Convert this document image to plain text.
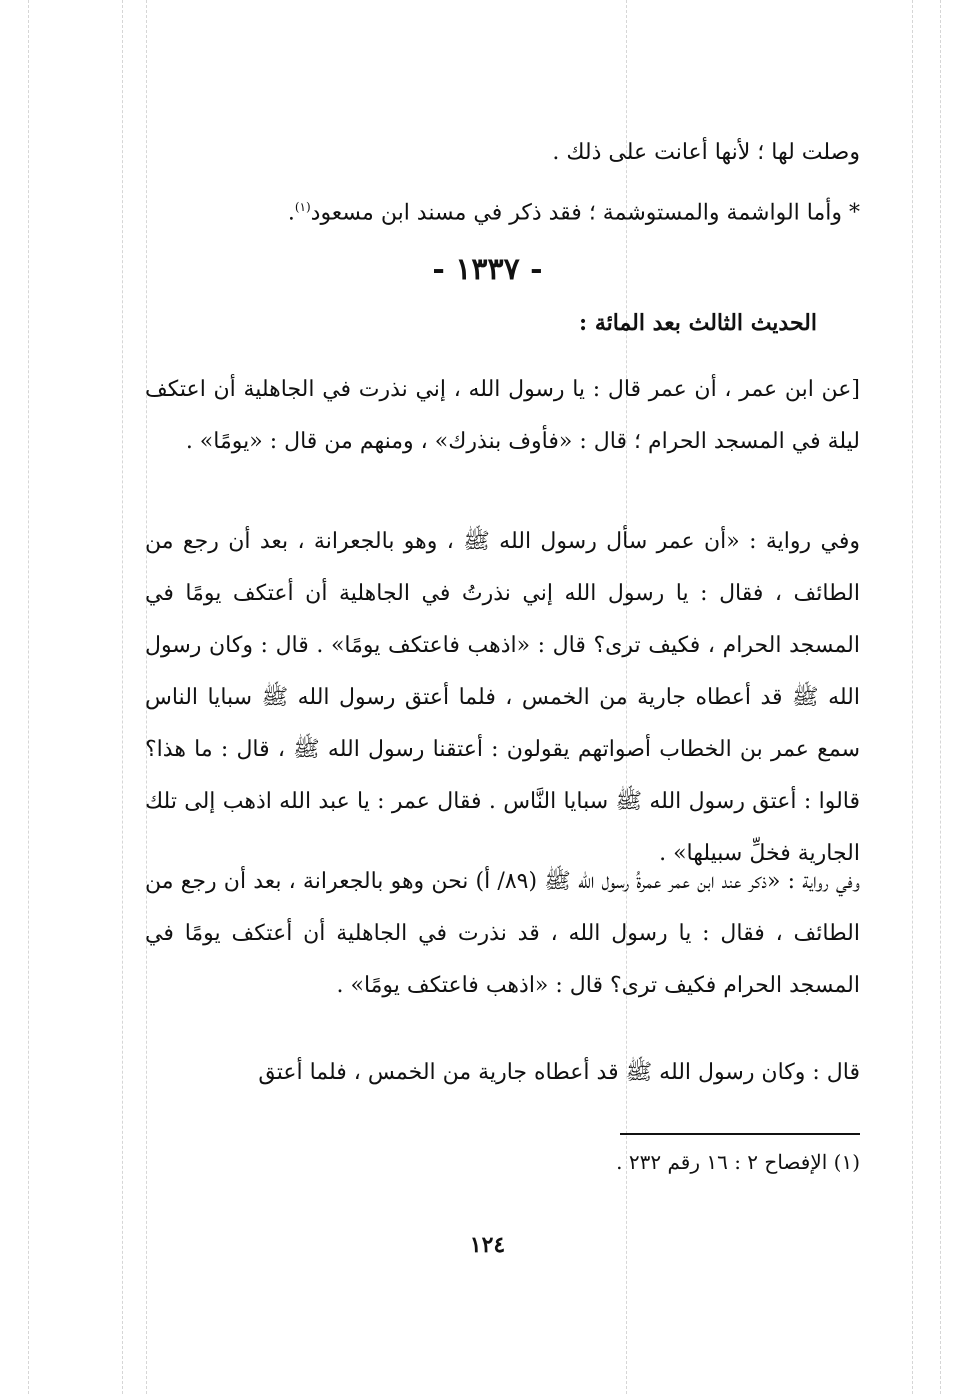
وصلت لها ؛ لأنها أعانت على ذلك .
* وأما الواشمة والمستوشمة ؛ فقد ذكر في مسند ابن مسعود$^{(١)}$.
- ١٣٣٧ -
الحديث الثالث بعد المائة :
[عن ابن عمر ، أن عمر قال : يا رسول الله ، إني نذرت في الجاهلية أن اعتكف ليلة في المسجد الحرام ؛ قال : «فأوف بنذرك» ، ومنهم من قال : «يومًا» .
وفي رواية : «أن عمر سأل رسول الله ﷺ ، وهو بالجعرانة ، بعد أن رجع من الطائف ، فقال : يا رسول الله إني نذرتُ في الجاهلية أن أعتكف يومًا في المسجد الحرام ، فكيف ترى؟ قال : «اذهب فاعتكف يومًا» . قال : وكان رسول الله ﷺ قد أعطاه جارية من الخمس ، فلما أعتق رسول الله ﷺ سبايا الناس سمع عمر بن الخطاب أصواتهم يقولون : أعتقنا رسول الله ﷺ ، قال : ما هذا؟ قالوا : أعتق رسول الله ﷺ سبايا النَّاس . فقال عمر : يا عبد الله اذهب إلى تلك الجارية فخلِّ سبيلها» .
وفي رواية : «ذكر عند ابن عمر عمرةُ رسول الله ﷺ (٨٩/ أ) نحن وهو بالجعرانة ، بعد أن رجع من الطائف ، فقال : يا رسول الله ، قد نذرت في الجاهلية أن أعتكف يومًا في المسجد الحرام فكيف ترى؟ قال : «اذهب فاعتكف يومًا» .
قال : وكان رسول الله ﷺ قد أعطاه جارية من الخمس ، فلما أعتق
(١) الإفصاح ٢ : ١٦ رقم ٢٣٢ .
١٢٤
